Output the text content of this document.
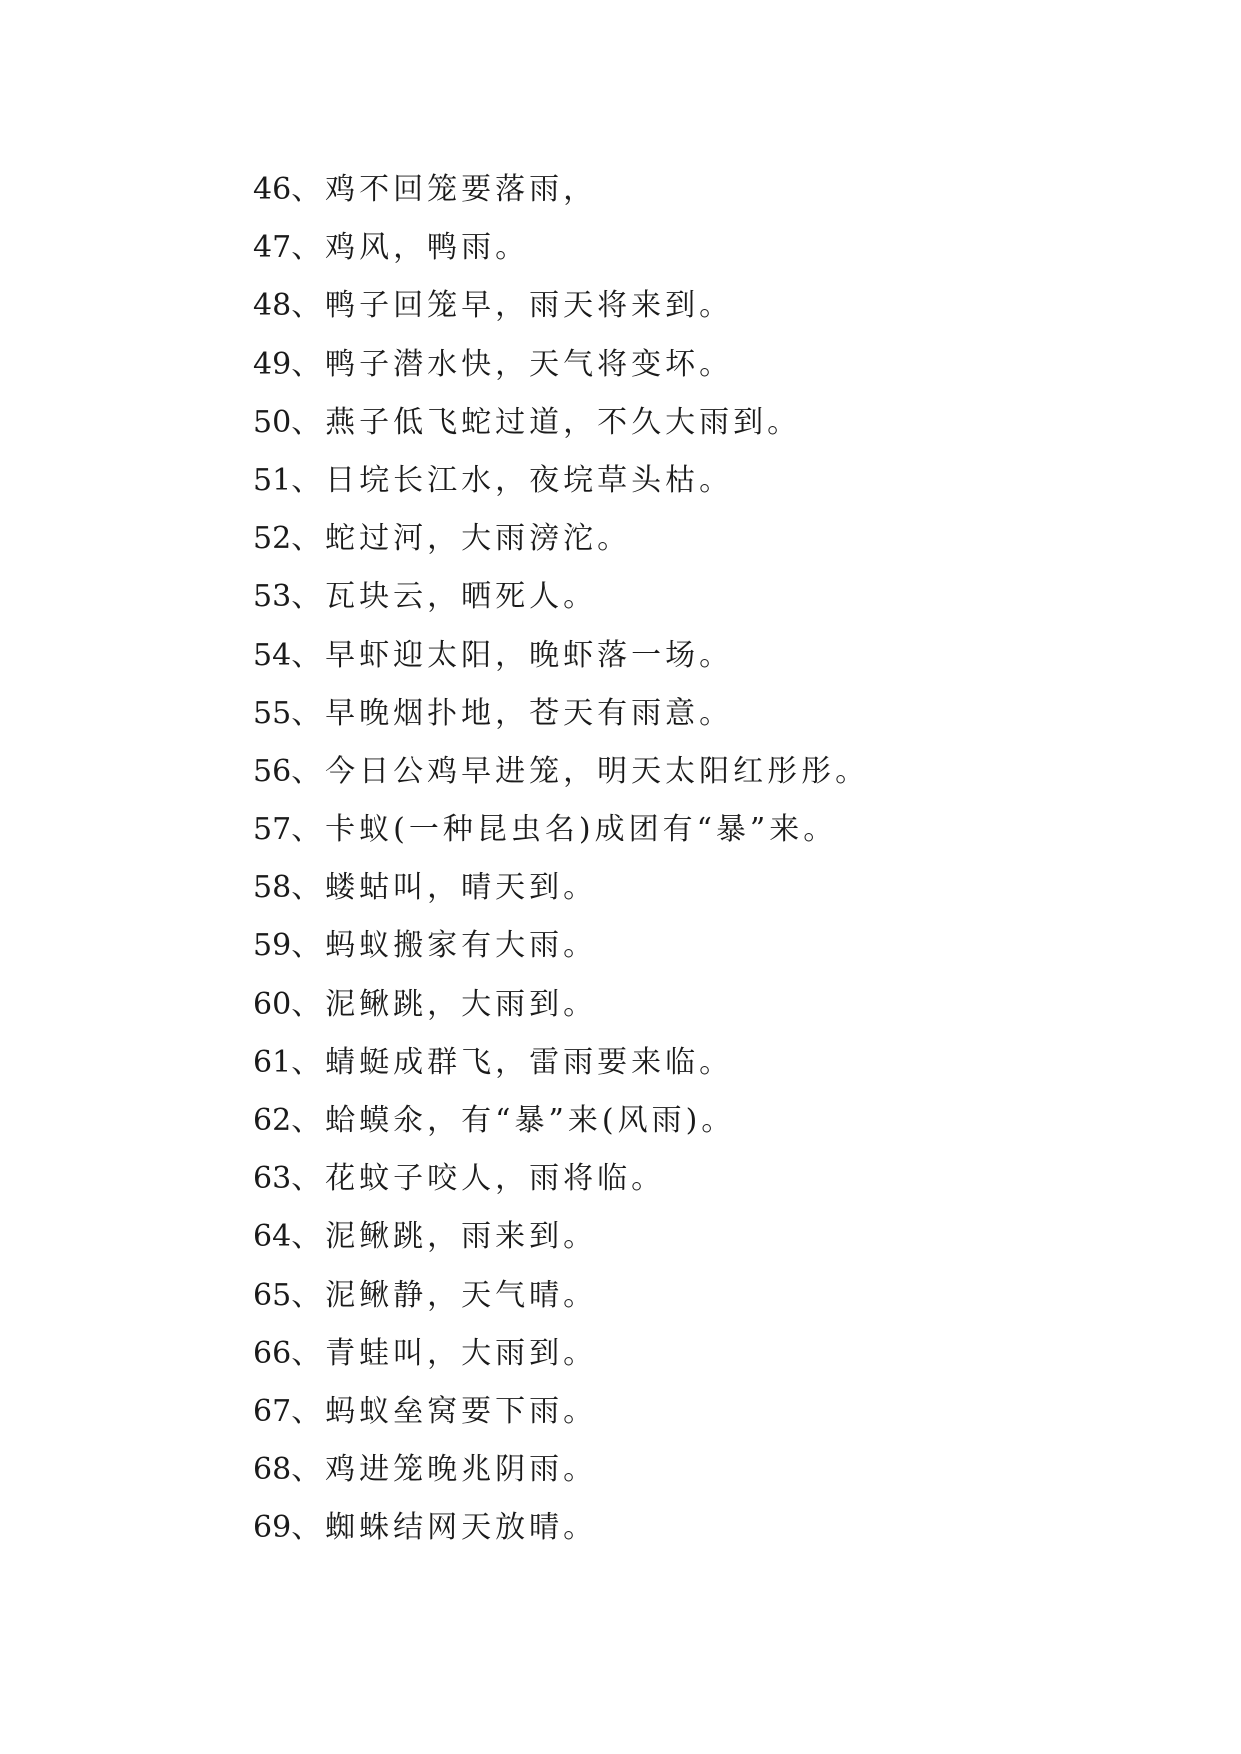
46、鸡不回笼要落雨，
47、鸡风，鸭雨。
48、鸭子回笼早，雨天将来到。
49、鸭子潜水快，天气将变坏。
50、燕子低飞蛇过道，不久大雨到。
51、日垸长江水，夜垸草头枯。
52、蛇过河，大雨滂沱。
53、瓦块云，晒死人。
54、早虾迎太阳，晚虾落一场。
55、早晚烟扑地，苍天有雨意。
56、今日公鸡早进笼，明天太阳红彤彤。
57、卡蚁(一种昆虫名)成团有“暴”来。
58、蝼蛄叫，晴天到。
59、蚂蚁搬家有大雨。
60、泥鳅跳，大雨到。
61、蜻蜓成群飞，雷雨要来临。
62、蛤蟆氽，有“暴”来(风雨)。
63、花蚊子咬人，雨将临。
64、泥鳅跳，雨来到。
65、泥鳅静，天气晴。
66、青蛙叫，大雨到。
67、蚂蚁垒窝要下雨。
68、鸡进笼晚兆阴雨。
69、蜘蛛结网天放晴。
